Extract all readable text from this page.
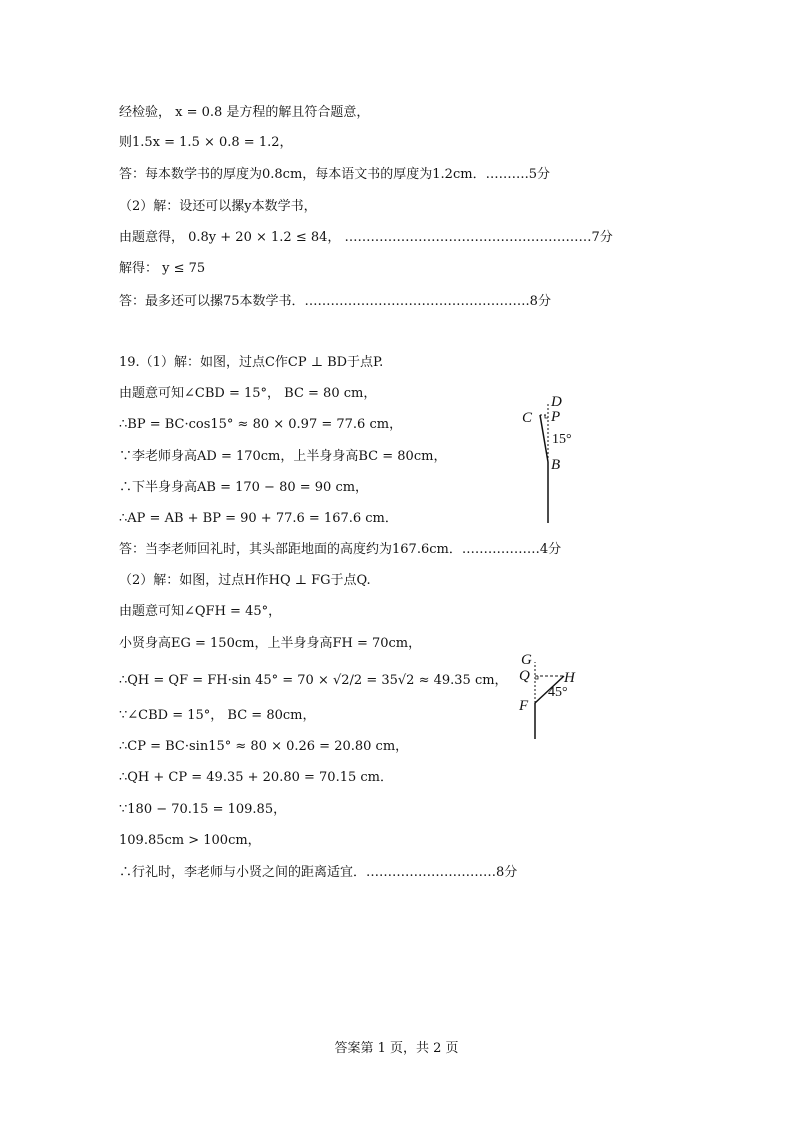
经检验， x = 0.8 是方程的解且符合题意，
则1.5x = 1.5 × 0.8 = 1.2，
答：每本数学书的厚度为0.8cm，每本语文书的厚度为1.2cm．……….5分
（2）解：设还可以摞y本数学书，
由题意得， 0.8y + 20 × 1.2 ≤ 84， …………………………………………………7分
解得： y ≤ 75
答：最多还可以摞75本数学书．…………………………………………….8分
19.（1）解：如图，过点C作CP ⊥ BD于点P.
由题意可知∠CBD = 15°， BC = 80 cm，
∴BP = BC·cos15° ≈ 80 × 0.97 = 77.6 cm，
∵李老师身高AD = 170cm，上半身身高BC = 80cm，
∴下半身身高AB = 170 − 80 = 90 cm，
∴AP = AB + BP = 90 + 77.6 = 167.6 cm．
答：当李老师回礼时，其头部距地面的高度约为167.6cm．………………4分
（2）解：如图，过点H作HQ ⊥ FG于点Q.
由题意可知∠QFH = 45°，
小贤身高EG = 150cm，上半身身高FH = 70cm，
∴QH = QF = FH·sin 45° = 70 × √2/2 = 35√2 ≈ 49.35 cm，
∵∠CBD = 15°， BC = 80cm，
∴CP = BC·sin15° ≈ 80 × 0.26 = 20.80 cm，
∴QH + CP = 49.35 + 20.80 = 70.15 cm．
∵180 − 70.15 = 109.85，
109.85cm > 100cm，
∴行礼时，李老师与小贤之间的距离适宜．…………………………8分
C
D
P
15°
B
G
Q H
45°
F
答案第 1 页，共 2 页
